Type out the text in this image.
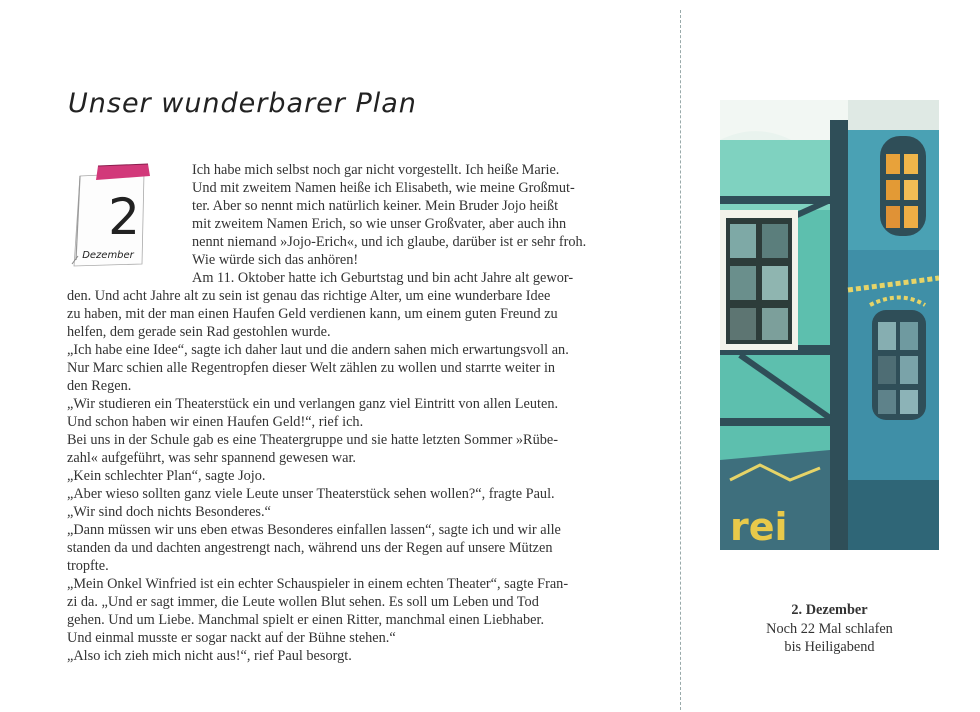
Unser wunderbarer Plan
2
Dezember
Ich habe mich selbst noch gar nicht vorgestellt. Ich heiße Marie.
Und mit zweitem Namen heiße ich Elisabeth, wie meine Großmut-
ter. Aber so nennt mich natürlich keiner. Mein Bruder Jojo heißt
mit zweitem Namen Erich, so wie unser Großvater, aber auch ihn
nennt niemand »Jojo-Erich«, und ich glaube, darüber ist er sehr froh.
Wie würde sich das anhören!
Am 11. Oktober hatte ich Geburtstag und bin acht Jahre alt gewor-
den. Und acht Jahre alt zu sein ist genau das richtige Alter, um eine wunderbare Idee
zu haben, mit der man einen Haufen Geld verdienen kann, um einem guten Freund zu
helfen, dem gerade sein Rad gestohlen wurde.
„Ich habe eine Idee“, sagte ich daher laut und die andern sahen mich erwartungsvoll an.
Nur Marc schien alle Regentropfen dieser Welt zählen zu wollen und starrte weiter in
den Regen.
„Wir studieren ein Theaterstück ein und verlangen ganz viel Eintritt von allen Leuten.
Und schon haben wir einen Haufen Geld!“, rief ich.
Bei uns in der Schule gab es eine Theatergruppe und sie hatte letzten Sommer »Rübe-
zahl« aufgeführt, was sehr spannend gewesen war.
„Kein schlechter Plan“, sagte Jojo.
„Aber wieso sollten ganz viele Leute unser Theaterstück sehen wollen?“, fragte Paul.
„Wir sind doch nichts Besonderes.“
„Dann müssen wir uns eben etwas Besonderes einfallen lassen“, sagte ich und wir alle
standen da und dachten angestrengt nach, während uns der Regen auf unsere Mützen
tropfte.
„Mein Onkel Winfried ist ein echter Schauspieler in einem echten Theater“, sagte Fran-
zi da. „Und er sagt immer, die Leute wollen Blut sehen. Es soll um Leben und Tod
gehen. Und um Liebe. Manchmal spielt er einen Ritter, manchmal einen Liebhaber.
Und einmal musste er sogar nackt auf der Bühne stehen.“
„Also ich zieh mich nicht aus!“, rief Paul besorgt.
rei
2. Dezember
Noch 22 Mal schlafen
bis Heiligabend
